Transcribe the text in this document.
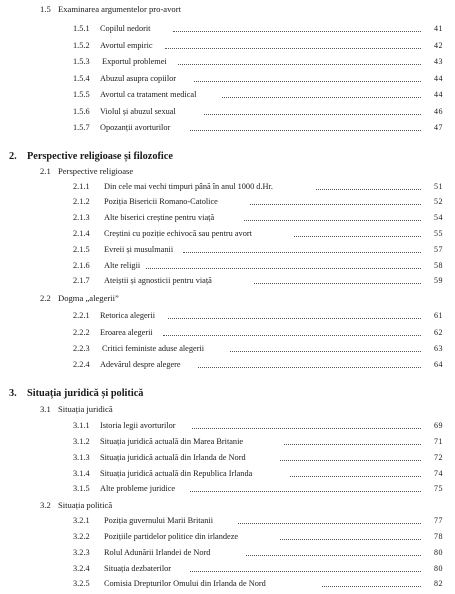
1.5 Examinarea argumentelor pro-avort
1.5.1 Copilul nedorit	41
1.5.2 Avortul empiric	42
1.5.3 Exportul problemei	43
1.5.4 Abuzul asupra copiilor	44
1.5.5 Avortul ca tratament medical	44
1.5.6 Violul și abuzul sexual	46
1.5.7 Opozanții avorturilor	47
2. Perspective religioase și filozofice
2.1 Perspective religioase
2.1.1 Din cele mai vechi timpuri până în anul 1000 d.Hr.	51
2.1.2 Poziția Bisericii Romano-Catolice	52
2.1.3 Alte biserici creștine pentru viață	54
2.1.4 Creștini cu poziție echivocă sau pentru avort	55
2.1.5 Evreii și musulmanii	57
2.1.6 Alte religii	58
2.1.7 Ateiștii și agnosticii pentru viață	59
2.2 Dogma „alegerii”
2.2.1 Retorica alegerii	61
2.2.2 Eroarea alegerii	62
2.2.3 Critici feministe aduse alegerii	63
2.2.4 Adevărul despre alegere	64
3. Situația juridică și politică
3.1 Situația juridică
3.1.1 Istoria legii avorturilor	69
3.1.2 Situația juridică actuală din Marea Britanie	71
3.1.3 Situația juridică actuală din Irlanda de Nord	72
3.1.4 Situația juridică actuală din Republica Irlanda	74
3.1.5 Alte probleme juridice	75
3.2 Situația politică
3.2.1 Poziția guvernului Marii Britanii	77
3.2.2 Pozițiile partidelor politice din irlandeze	78
3.2.3 Rolul Adunării Irlandei de Nord	80
3.2.4 Situația dezbaterilor	80
3.2.5 Comisia Drepturilor Omului din Irlanda de Nord	82
